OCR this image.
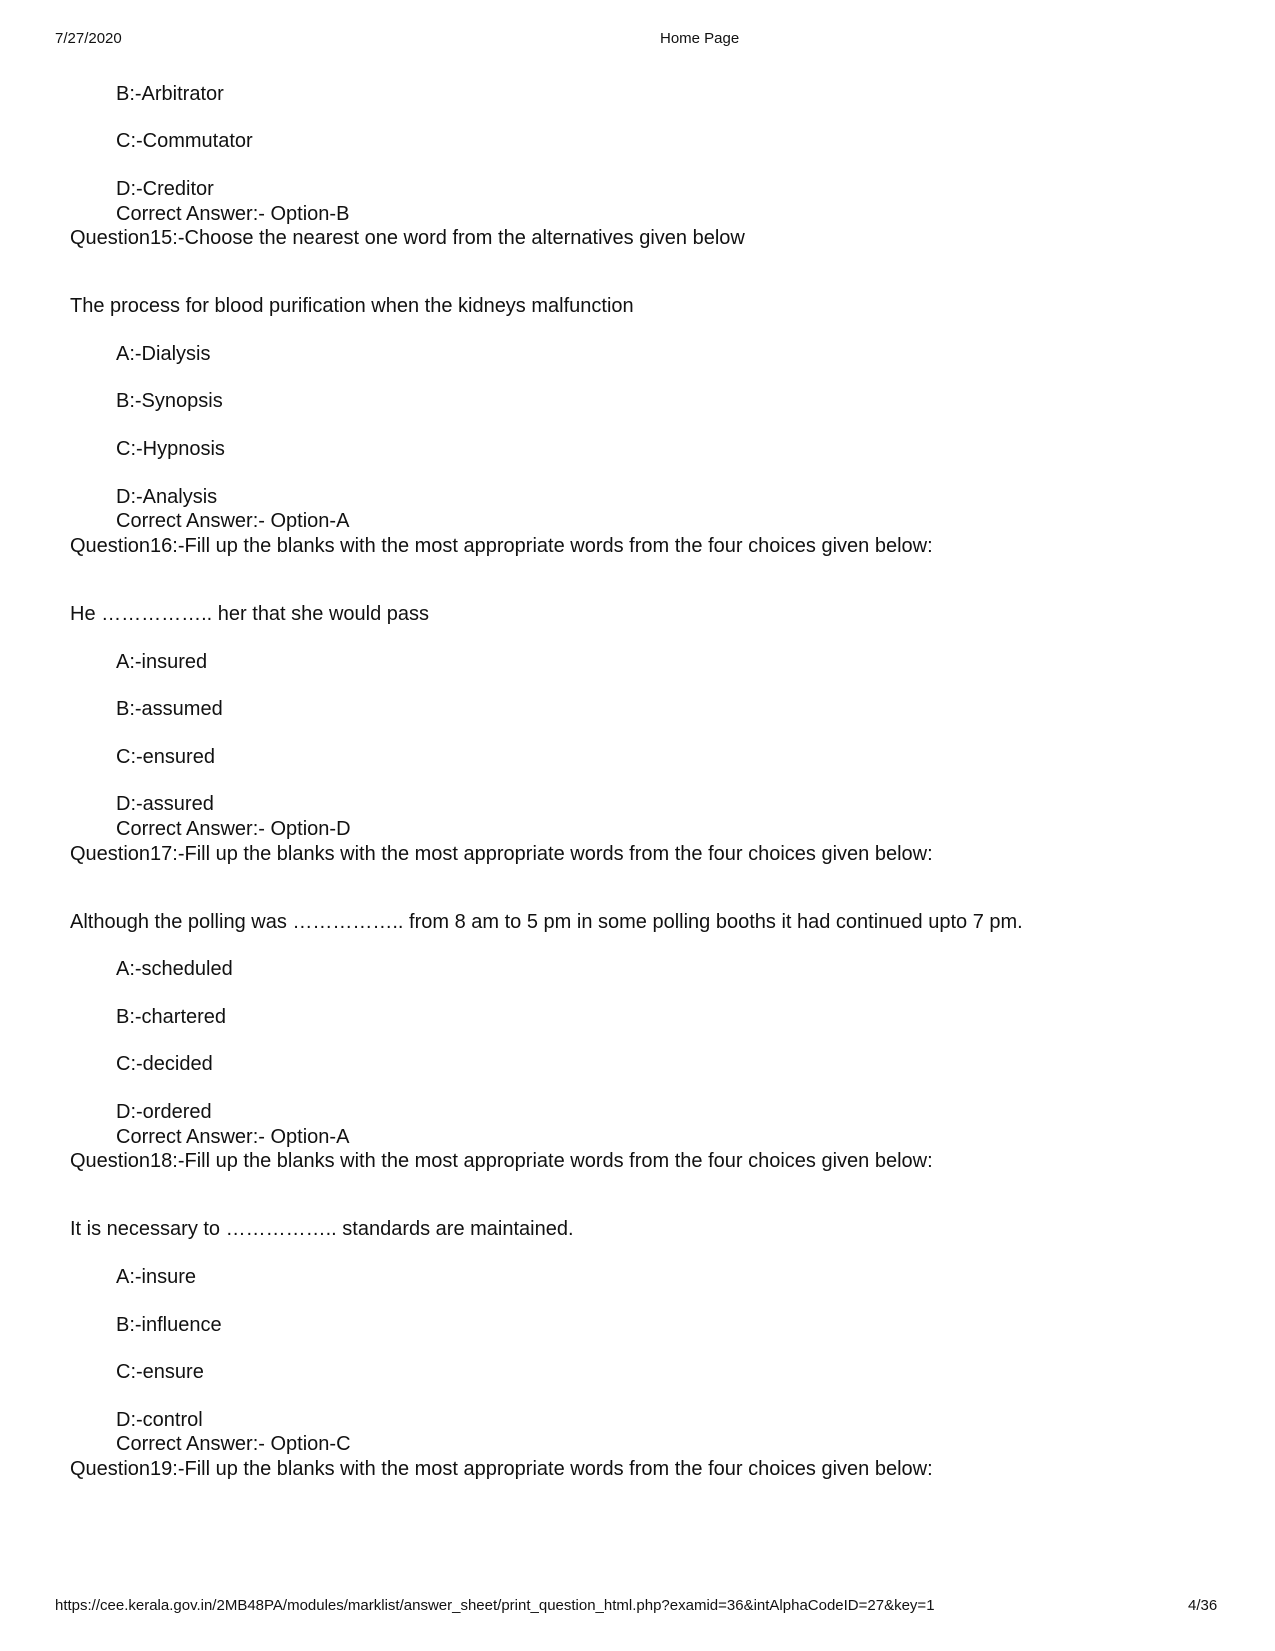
7/27/2020	Home Page
B:-Arbitrator
C:-Commutator
D:-Creditor
Correct Answer:- Option-B
Question15:-Choose the nearest one word from the alternatives given below
The process for blood purification when the kidneys malfunction
A:-Dialysis
B:-Synopsis
C:-Hypnosis
D:-Analysis
Correct Answer:- Option-A
Question16:-Fill up the blanks with the most appropriate words from the four choices given below:
He …………….. her that she would pass
A:-insured
B:-assumed
C:-ensured
D:-assured
Correct Answer:- Option-D
Question17:-Fill up the blanks with the most appropriate words from the four choices given below:
Although the polling was …………….. from 8 am to 5 pm in some polling booths it had continued upto 7 pm.
A:-scheduled
B:-chartered
C:-decided
D:-ordered
Correct Answer:- Option-A
Question18:-Fill up the blanks with the most appropriate words from the four choices given below:
It is necessary to …………….. standards are maintained.
A:-insure
B:-influence
C:-ensure
D:-control
Correct Answer:- Option-C
Question19:-Fill up the blanks with the most appropriate words from the four choices given below:
https://cee.kerala.gov.in/2MB48PA/modules/marklist/answer_sheet/print_question_html.php?examid=36&intAlphaCodeID=27&key=1	4/36
